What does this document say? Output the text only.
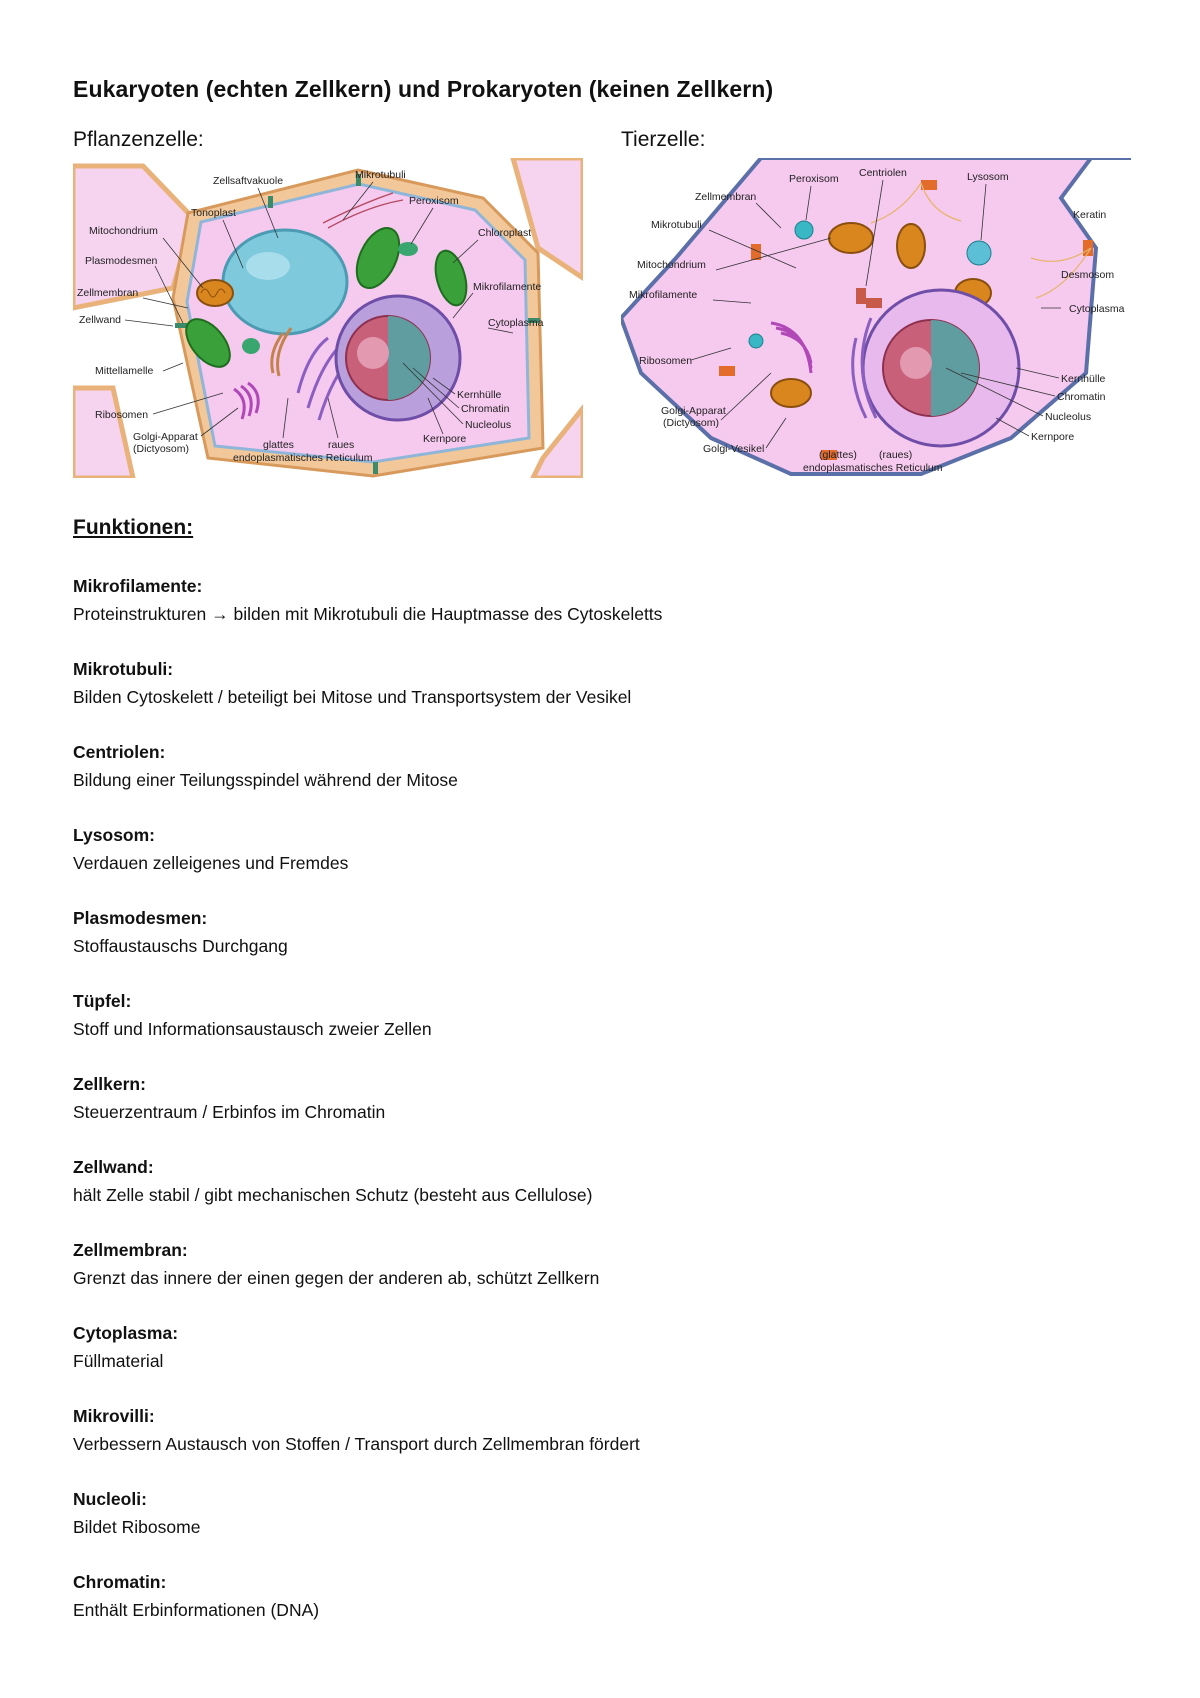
Eukaryoten (echten Zellkern) und Prokaryoten (keinen Zellkern)

Pflanzenzelle:	Tierzelle:

Zellsaftvakuole	Mikrotubuli
Peroxisom
Tonoplast
Mitochondrium	Chloroplast
Plasmodesmen
Zellmembran	Mikrofilamente
Zellwand	Cytoplasma
Mittellamelle
Ribosomen
Kernhülle
Chromatin
Nucleolus
Golgi-Apparat
(Dictyosom)	glattes	raues
endoplasmatisches Reticulum
Kernpore
Peroxisom Centriolen	Lysosom
Zellmembran
Keratin
Mikrotubuli
Desmosom
Mitochondrium
Cytoplasma
Mikrofilamente
Ribosomen
Kernhülle
Chromatin
Nucleolus
Golgi-Apparat
(Dictyosom)
Kernpore
Golgi-Vesikel	(glattes) (raues)
endoplasmatisches Reticulum

Funktionen:

Mikrofilamente:
Proteinstrukturen → bilden mit Mikrotubuli die Hauptmasse des Cytoskeletts
Mikrotubuli:
Bilden Cytoskelett / beteiligt bei Mitose und Transportsystem der Vesikel
Centriolen:
Bildung einer Teilungsspindel während der Mitose
Lysosom:
Verdauen zelleigenes und Fremdes
Plasmodesmen:
Stoffaustauschs Durchgang
Tüpfel:
Stoff und Informationsaustausch zweier Zellen
Zellkern:
Steuerzentraum / Erbinfos im Chromatin
Zellwand:
hält Zelle stabil / gibt mechanischen Schutz (besteht aus Cellulose)
Zellmembran:
Grenzt das innere der einen gegen der anderen ab, schützt Zellkern
Cytoplasma:
Füllmaterial
Mikrovilli:
Verbessern Austausch von Stoffen / Transport durch Zellmembran fördert
Nucleoli:
Bildet Ribosome
Chromatin:
Enthält Erbinformationen (DNA)
